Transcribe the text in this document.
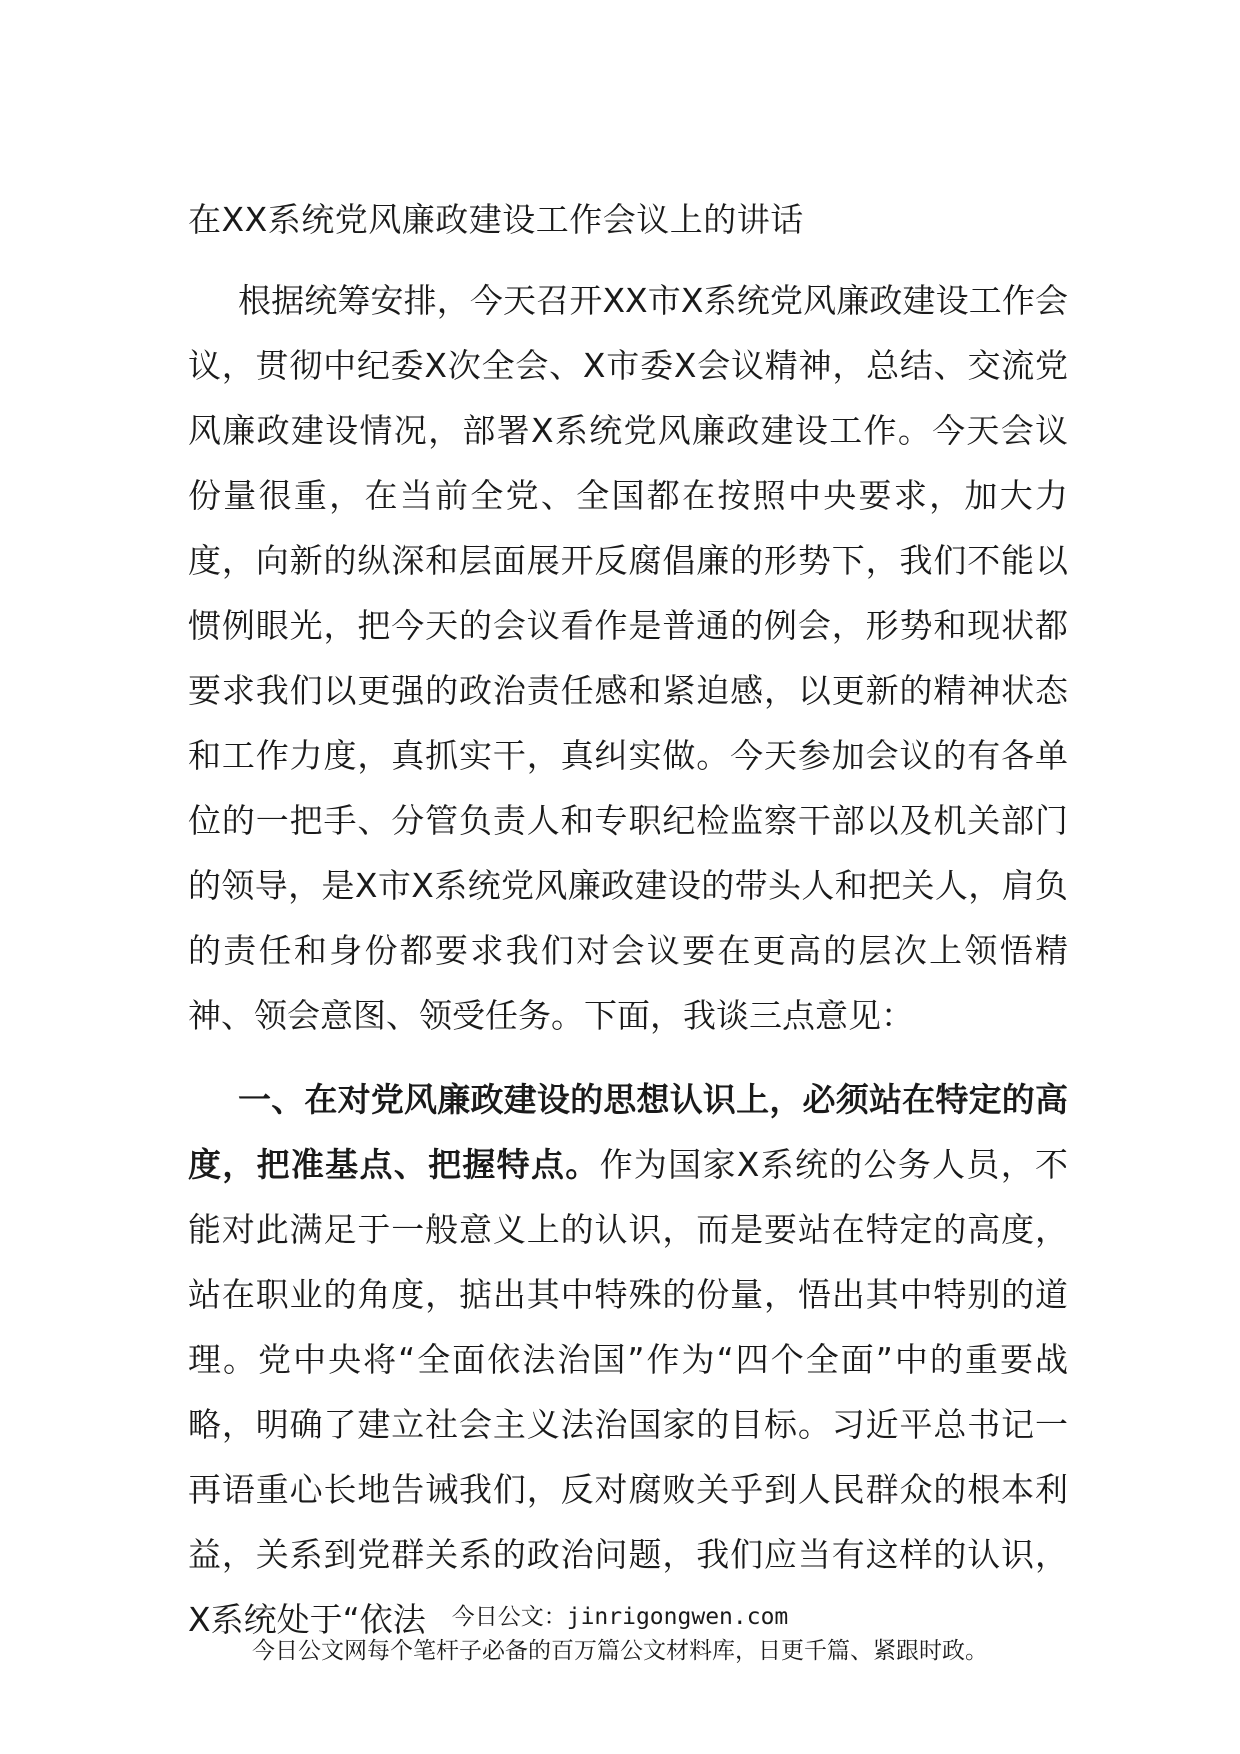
在XX系统党风廉政建设工作会议上的讲话

根据统筹安排，今天召开XX市X系统党风廉政建设工作会议，贯彻中纪委X次全会、X市委X会议精神，总结、交流党风廉政建设情况，部署X系统党风廉政建设工作。今天会议份量很重，在当前全党、全国都在按照中央要求，加大力度，向新的纵深和层面展开反腐倡廉的形势下，我们不能以惯例眼光，把今天的会议看作是普通的例会，形势和现状都要求我们以更强的政治责任感和紧迫感，以更新的精神状态和工作力度，真抓实干，真纠实做。今天参加会议的有各单位的一把手、分管负责人和专职纪检监察干部以及机关部门的领导，是X市X系统党风廉政建设的带头人和把关人，肩负的责任和身份都要求我们对会议要在更高的层次上领悟精神、领会意图、领受任务。下面，我谈三点意见：

一、在对党风廉政建设的思想认识上，必须站在特定的高度，把准基点、把握特点。作为国家X系统的公务人员，不能对此满足于一般意义上的认识，而是要站在特定的高度，站在职业的角度，掂出其中特殊的份量，悟出其中特别的道理。党中央将“全面依法治国”作为“四个全面”中的重要战略，明确了建立社会主义法治国家的目标。习近平总书记一再语重心长地告诫我们，反对腐败关乎到人民群众的根本利益，关系到党群关系的政治问题，我们应当有这样的认识，X系统处于“依法	今日公文：jinrigongwen.com

今日公文网每个笔杆子必备的百万篇公文材料库，日更千篇、紧跟时政。
